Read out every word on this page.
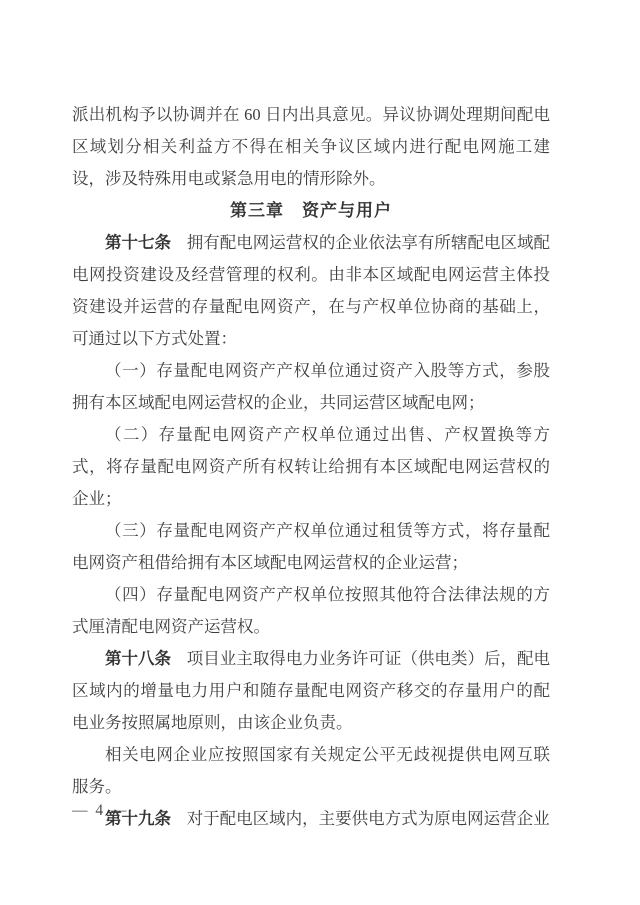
派出机构予以协调并在 60 日内出具意见。异议协调处理期间配电区域划分相关利益方不得在相关争议区域内进行配电网施工建设，涉及特殊用电或紧急用电的情形除外。

第三章　资产与用户

第十七条 拥有配电网运营权的企业依法享有所辖配电区域配电网投资建设及经营管理的权利。由非本区域配电网运营主体投资建设并运营的存量配电网资产，在与产权单位协商的基础上，可通过以下方式处置：

（一）存量配电网资产产权单位通过资产入股等方式，参股拥有本区域配电网运营权的企业，共同运营区域配电网；

（二）存量配电网资产产权单位通过出售、产权置换等方式，将存量配电网资产所有权转让给拥有本区域配电网运营权的企业；

（三）存量配电网资产产权单位通过租赁等方式，将存量配电网资产租借给拥有本区域配电网运营权的企业运营；

（四）存量配电网资产产权单位按照其他符合法律法规的方式厘清配电网资产运营权。

第十八条 项目业主取得电力业务许可证（供电类）后，配电区域内的增量电力用户和随存量配电网资产移交的存量用户的配电业务按照属地原则，由该企业负责。

相关电网企业应按照国家有关规定公平无歧视提供电网互联服务。

第十九条 对于配电区域内，主要供电方式为原电网运营企业

— 4 —
